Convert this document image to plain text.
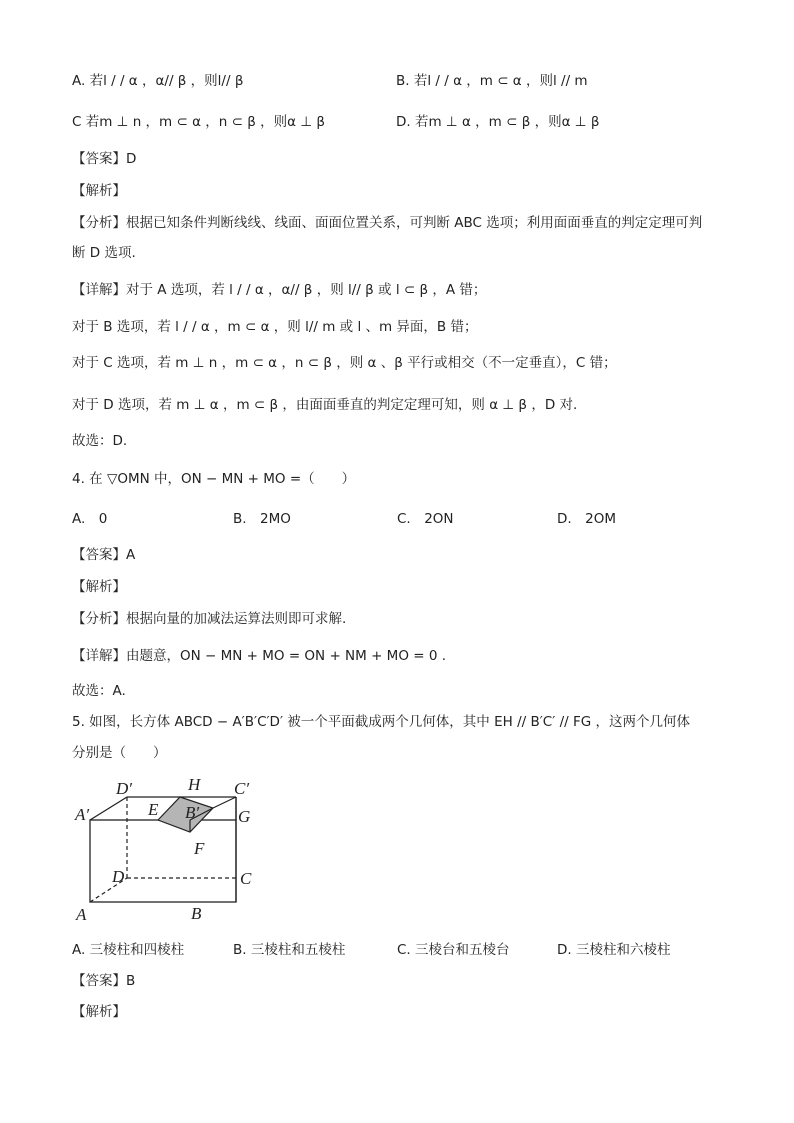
A. 若l / / α ，α// β ，则l// β	B. 若l / / α ，m ⊂ α ，则l // m
C 若m ⊥ n ，m ⊂ α ，n ⊂ β ，则α ⊥ β	D. 若m ⊥ α ，m ⊂ β ，则α ⊥ β
【答案】D
【解析】
【分析】根据已知条件判断线线、线面、面面位置关系，可判断 ABC 选项；利用面面垂直的判定定理可判
断 D 选项.
【详解】对于 A 选项，若 l / / α ，α// β ，则 l// β 或 l ⊂ β ，A 错；
对于 B 选项，若 l / / α ，m ⊂ α ，则 l// m 或 l 、m 异面，B 错；
对于 C 选项，若 m ⊥ n ，m ⊂ α ，n ⊂ β ，则 α 、β 平行或相交（不一定垂直），C 错；
对于 D 选项，若 m ⊥ α ，m ⊂ β ，由面面垂直的判定定理可知，则 α ⊥ β ，D 对.
故选：D.
4. 在 ▽OMN 中，ON − MN + MO =（　　）
A.　0	B.　2MO	C.　2ON	D.　2OM
【答案】A
【解析】
【分析】根据向量的加减法运算法则即可求解.
【详解】由题意，ON − MN + MO = ON + NM + MO = 0 .
故选：A.
5. 如图，长方体 ABCD − A′B′C′D′ 被一个平面截成两个几何体，其中 EH // B′C′ // FG ，这两个几何体
分别是（　　）
D′	H C′
A′	E B′ G
F
D	C
A	B
A. 三棱柱和四棱柱	B. 三棱柱和五棱柱	C. 三棱台和五棱台	D. 三棱柱和六棱柱
【答案】B
【解析】
